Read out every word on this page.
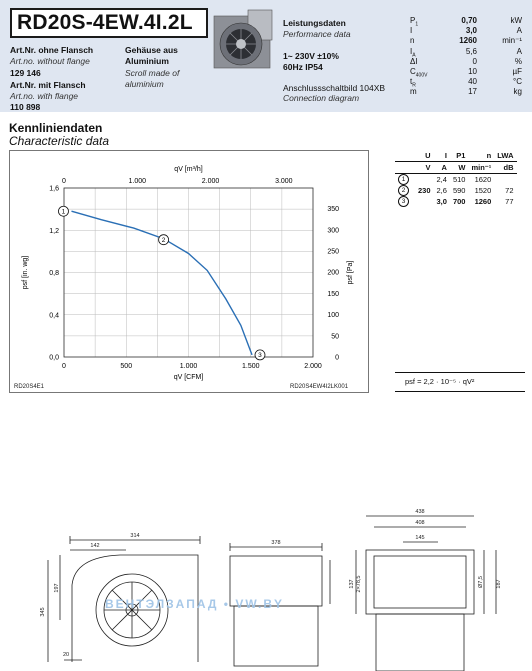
RD20S-4EW.4I.2L
Art.Nr. ohne Flansch
Art.no. without flange
129 146
Art.Nr. mit Flansch
Art.no. with flange
110 898
Gehäuse aus
Aluminium
Scroll made of
aluminium
Leistungsdaten
Performance data
1~ 230V ±10%
60Hz IP54
Anschlussschaltbild 104XB
Connection diagram
$P_1$	0,70	kW
I	3,0	A
n	1260	min⁻¹
$I_A$	5,6	A
ΔI	0	%
$C_{400V}$	10	µF
$t_R$	40	°C
m	17	kg
Kennliniendaten
Characteristic data
0	500	1.000	1.500	2.000
0	1.000	2.000	3.000
0,0
0,4
0,8
1,2
1,6
0
50
100
150
200
250
300
350
qV [CFM]
qV [m³/h]
psf [in. wg]	psf [Pa]
1
2
3
	U	I	P1	n	LWA
	V	A	W	min⁻¹	dB
1		2,4	510	1620	
2	230	2,6	590	1520	72
3		3,0	700	1260	77
psf = 2,2 · 10⁻⁵ · qV²
314
142
345
197
20
378
438
408
145
137 2×78,5	Ø7,5 187
ВЕНТЭЛЗАПАД • VW.BY
RD20S4E1	RD20S4EW4I2LK001
